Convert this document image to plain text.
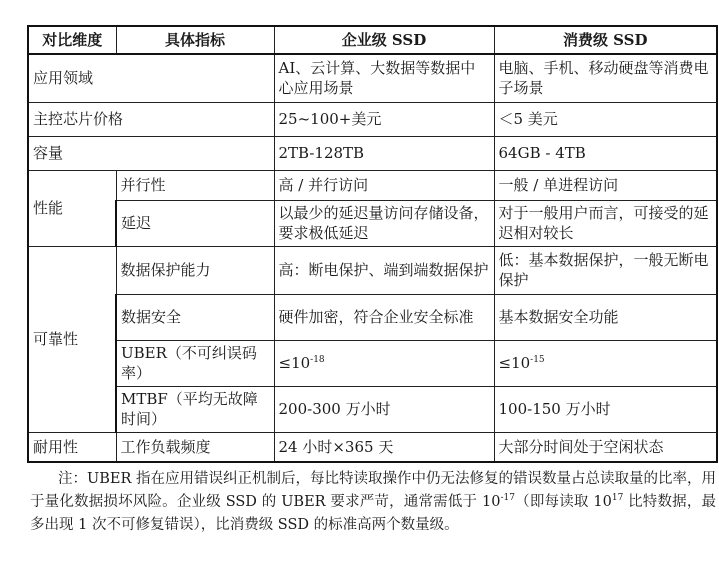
对比维度	具体指标	企业级 SSD	消费级 SSD
应用领域		AI、云计算、大数据等数据中心应用场景	电脑、手机、移动硬盘等消费电子场景
主控芯片价格		25~100+美元	＜5 美元
容量		2TB-128TB	64GB - 4TB
性能	并行性	高 / 并行访问	一般 / 单进程访问
	延迟	以最少的延迟量访问存储设备，要求极低延迟	对于一般用户而言，可接受的延迟相对较长
可靠性	数据保护能力	高：断电保护、端到端数据保护	低：基本数据保护，一般无断电保护
	数据安全	硬件加密，符合企业安全标准	基本数据安全功能
	UBER（不可纠误码率）	$\le 10^{-18}$	$\le 10^{-15}$
	MTBF（平均无故障时间）	200-300 万小时	100-150 万小时
耐用性	工作负载频度	24 小时×365 天	大部分时间处于空闲状态
注：UBER 指在应用错误纠正机制后，每比特读取操作中仍无法修复的错误数量占总读取量的比率，用于量化数据损坏风险。企业级 SSD 的 UBER 要求严苛，通常需低于 $10^{-17}$（即每读取 $10^{17}$ 比特数据，最多出现 1 次不可修复错误），比消费级 SSD 的标准高两个数量级。
